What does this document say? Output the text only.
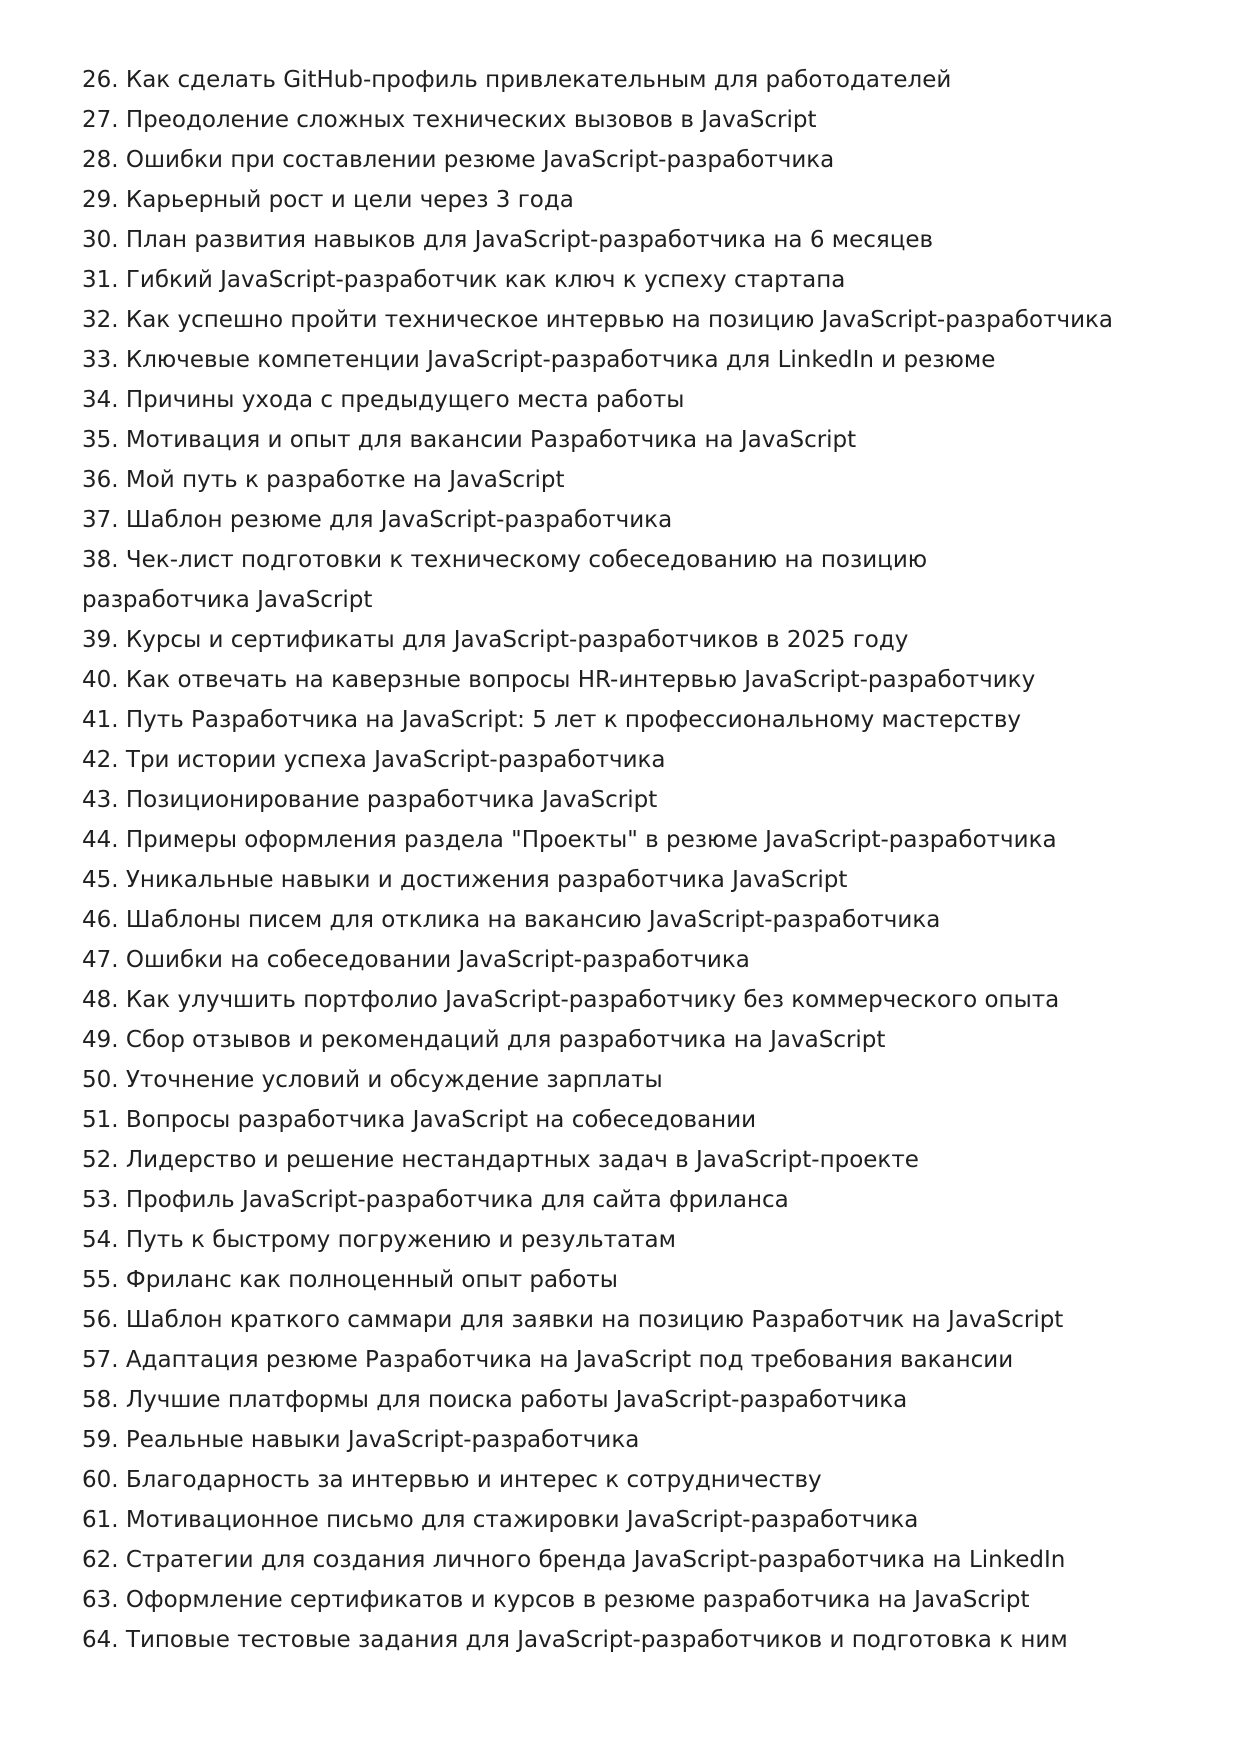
26. Как сделать GitHub-профиль привлекательным для работодателей

27. Преодоление сложных технических вызовов в JavaScript

28. Ошибки при составлении резюме JavaScript-разработчика

29. Карьерный рост и цели через 3 года

30. План развития навыков для JavaScript-разработчика на 6 месяцев

31. Гибкий JavaScript-разработчик как ключ к успеху стартапа

32. Как успешно пройти техническое интервью на позицию JavaScript-разработчика

33. Ключевые компетенции JavaScript-разработчика для LinkedIn и резюме

34. Причины ухода с предыдущего места работы

35. Мотивация и опыт для вакансии Разработчика на JavaScript

36. Мой путь к разработке на JavaScript

37. Шаблон резюме для JavaScript-разработчика

38. Чек-лист подготовки к техническому собеседованию на позицию разработчика JavaScript

39. Курсы и сертификаты для JavaScript-разработчиков в 2025 году

40. Как отвечать на каверзные вопросы HR-интервью JavaScript-разработчику

41. Путь Разработчика на JavaScript: 5 лет к профессиональному мастерству

42. Три истории успеха JavaScript-разработчика

43. Позиционирование разработчика JavaScript

44. Примеры оформления раздела "Проекты" в резюме JavaScript-разработчика

45. Уникальные навыки и достижения разработчика JavaScript

46. Шаблоны писем для отклика на вакансию JavaScript-разработчика

47. Ошибки на собеседовании JavaScript-разработчика

48. Как улучшить портфолио JavaScript-разработчику без коммерческого опыта

49. Сбор отзывов и рекомендаций для разработчика на JavaScript

50. Уточнение условий и обсуждение зарплаты

51. Вопросы разработчика JavaScript на собеседовании

52. Лидерство и решение нестандартных задач в JavaScript-проекте

53. Профиль JavaScript-разработчика для сайта фриланса

54. Путь к быстрому погружению и результатам

55. Фриланс как полноценный опыт работы

56. Шаблон краткого саммари для заявки на позицию Разработчик на JavaScript

57. Адаптация резюме Разработчика на JavaScript под требования вакансии

58. Лучшие платформы для поиска работы JavaScript-разработчика

59. Реальные навыки JavaScript-разработчика

60. Благодарность за интервью и интерес к сотрудничеству

61. Мотивационное письмо для стажировки JavaScript-разработчика

62. Стратегии для создания личного бренда JavaScript-разработчика на LinkedIn

63. Оформление сертификатов и курсов в резюме разработчика на JavaScript

64. Типовые тестовые задания для JavaScript-разработчиков и подготовка к ним
